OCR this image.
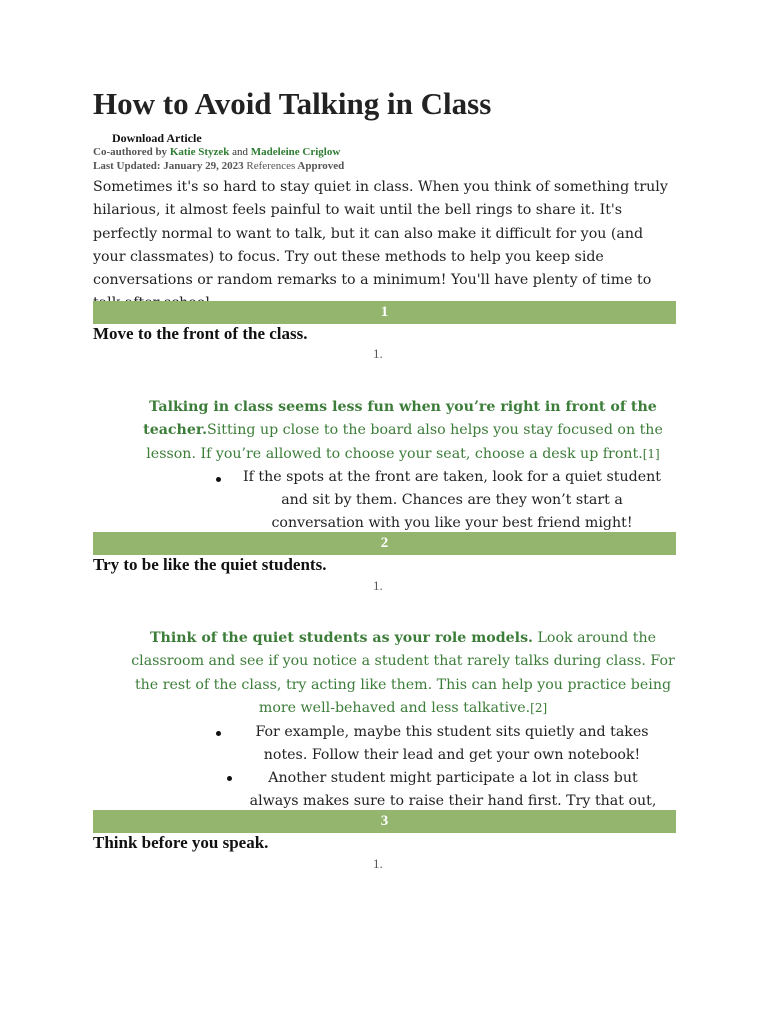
How to Avoid Talking in Class
Download Article
Co-authored by Katie Styzek and Madeleine Criglow
Last Updated: January 29, 2023 References Approved
Sometimes it's so hard to stay quiet in class. When you think of something truly hilarious, it almost feels painful to wait until the bell rings to share it. It's perfectly normal to want to talk, but it can also make it difficult for you (and your classmates) to focus. Try out these methods to help you keep side conversations or random remarks to a minimum! You'll have plenty of time to
1
Move to the front of the class.
1.
Talking in class seems less fun when you’re right in front of the teacher.Sitting up close to the board also helps you stay focused on the lesson. If you’re allowed to choose your seat, choose a desk up front.[1]
If the spots at the front are taken, look for a quiet student and sit by them. Chances are they won’t start a conversation with you like your best friend might!
2
Try to be like the quiet students.
1.
Think of the quiet students as your role models. Look around the classroom and see if you notice a student that rarely talks during class. For the rest of the class, try acting like them. This can help you practice being more well-behaved and less talkative.[2]
For example, maybe this student sits quietly and takes notes. Follow their lead and get your own notebook!
Another student might participate a lot in class but always makes sure to raise their hand first. Try that out,
3
Think before you speak.
1.
